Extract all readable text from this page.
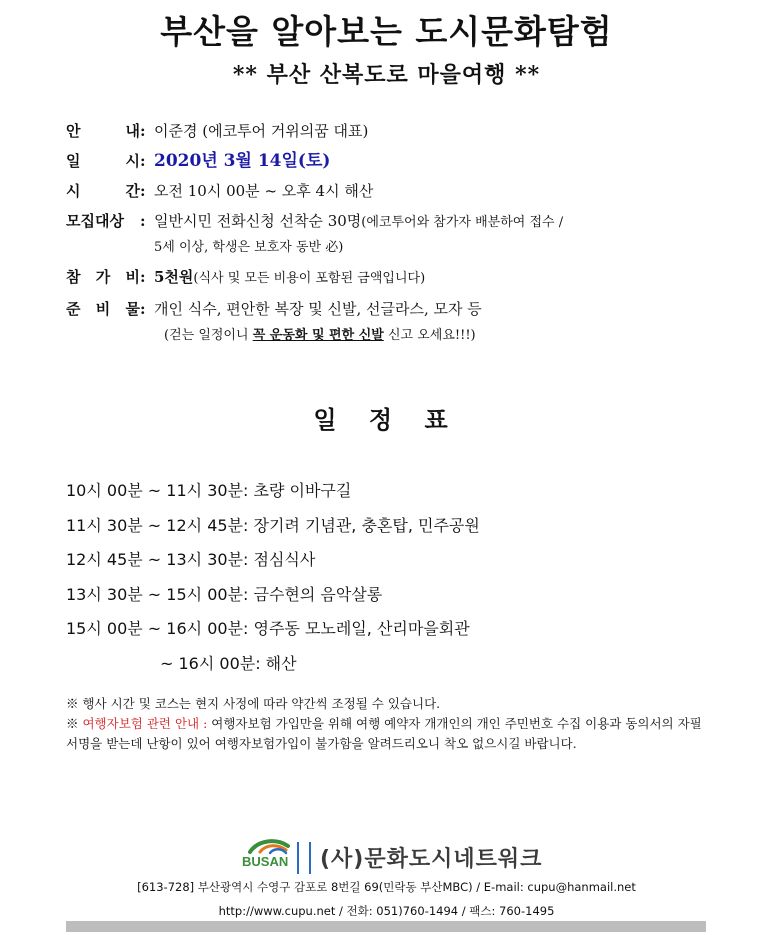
부산을 알아보는 도시문화탐험
** 부산 산복도로 마을여행 **
안	내 : 이준경 (에코투어 거위의꿈 대표)
일	시 : 2020년 3월 14일(토)
시	간 : 오전 10시 00분 ~ 오후 4시 해산
모집대상	: 일반시민 전화신청 선착순 30명(에코투어와 참가자 배분하여 접수 /
5세 이상, 학생은 보호자 동반 必)
참 가 비 : 5천원(식사 및 모든 비용이 포함된 금액입니다)
준 비 물 : 개인 식수, 편안한 복장 및 신발, 선글라스, 모자 등
(걷는 일정이니 꼭 운동화 및 편한 신발 신고 오세요!!!)
일 정 표
10시 00분 ~ 11시 30분: 초량 이바구길
11시 30분 ~ 12시 45분: 장기려 기념관, 충혼탑, 민주공원
12시 45분 ~ 13시 30분: 점심식사
13시 30분 ~ 15시 00분: 금수현의 음악살롱
15시 00분 ~ 16시 00분: 영주동 모노레일, 산리마을회관
~ 16시 00분: 해산
※ 행사 시간 및 코스는 현지 사정에 따라 약간씩 조정될 수 있습니다.
※ 여행자보험 관련 안내 : 여행자보험 가입만을 위해 여행 예약자 개개인의 개인 주민번호 수집 이용과 동의서의 자필 서명을 받는데 난항이 있어 여행자보험가입이 불가함을 알려드리오니 착오 없으시길 바랍니다.
BUSAN (사)문화도시네트워크
[613-728] 부산광역시 수영구 감포로 8번길 69(민락동 부산MBC) / E-mail: cupu@hanmail.net
http://www.cupu.net / 전화: 051)760-1494 / 팩스: 760-1495
